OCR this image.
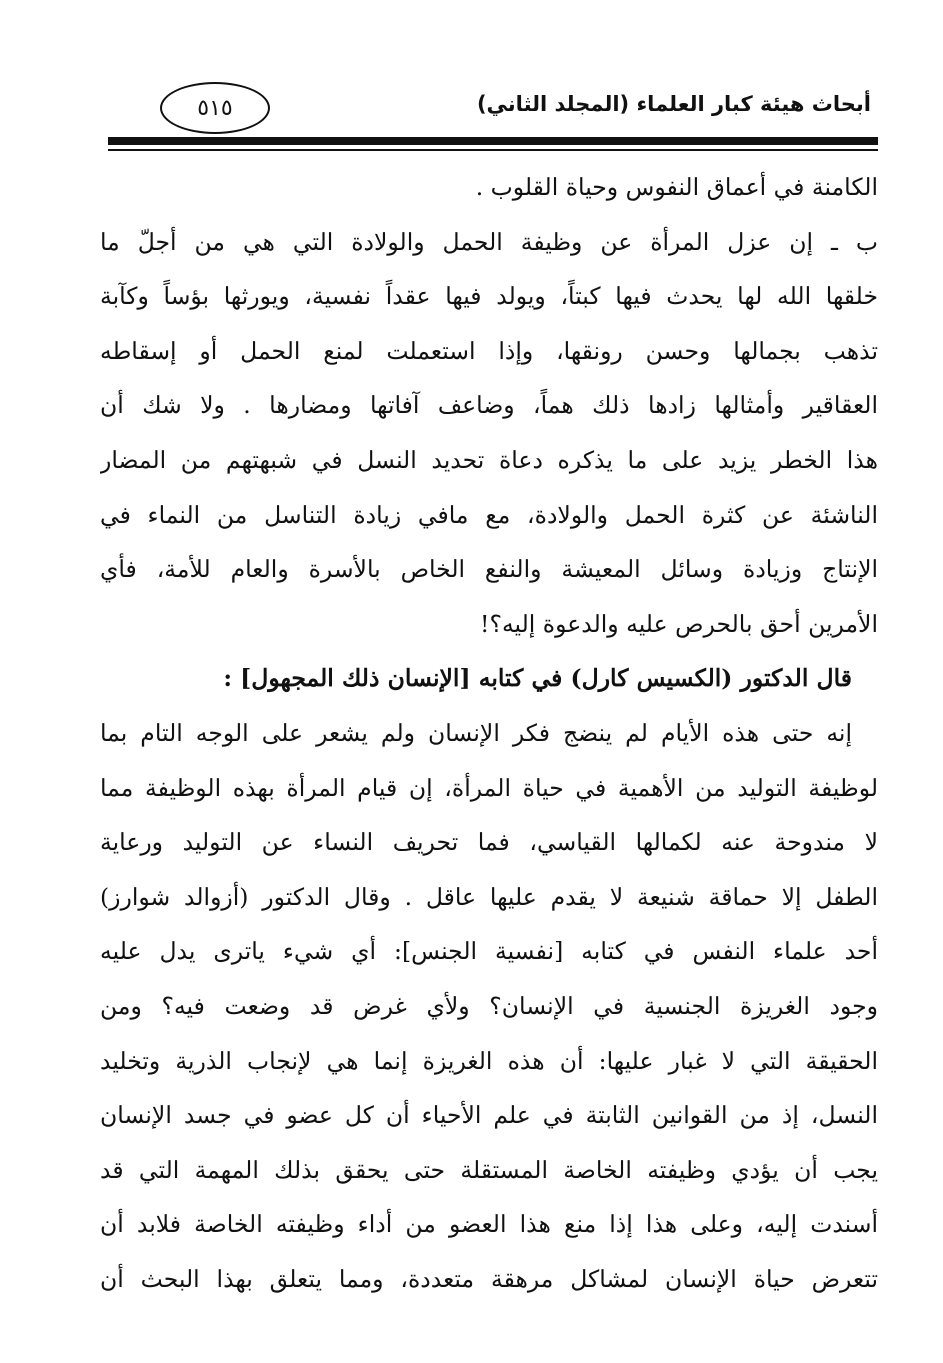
أبحاث هيئة كبار العلماء (المجلد الثاني)
٥١٥
الكامنة في أعماق النفوس وحياة القلوب .
ب ـ إن عزل المرأة عن وظيفة الحمل والولادة التي هي من أجلّ ما
خلقها الله لها يحدث فيها كبتاً، ويولد فيها عقداً نفسية، ويورثها بؤساً وكآبة
تذهب بجمالها وحسن رونقها، وإذا استعملت لمنع الحمل أو إسقاطه
العقاقير وأمثالها زادها ذلك هماً، وضاعف آفاتها ومضارها . ولا شك أن
هذا الخطر يزيد على ما يذكره دعاة تحديد النسل في شبهتهم من المضار
الناشئة عن كثرة الحمل والولادة، مع مافي زيادة التناسل من النماء في
الإنتاج وزيادة وسائل المعيشة والنفع الخاص بالأسرة والعام للأمة، فأي
الأمرين أحق بالحرص عليه والدعوة إليه؟!
قال الدكتور (الكسيس كارل) في كتابه [الإنسان ذلك المجهول] :
إنه حتى هذه الأيام لم ينضج فكر الإنسان ولم يشعر على الوجه التام بما
لوظيفة التوليد من الأهمية في حياة المرأة، إن قيام المرأة بهذه الوظيفة مما
لا مندوحة عنه لكمالها القياسي، فما تحريف النساء عن التوليد ورعاية
الطفل إلا حماقة شنيعة لا يقدم عليها عاقل . وقال الدكتور (أزوالد شوارز)
أحد علماء النفس في كتابه [نفسية الجنس]: أي شيء ياترى يدل عليه
وجود الغريزة الجنسية في الإنسان؟ ولأي غرض قد وضعت فيه؟ ومن
الحقيقة التي لا غبار عليها: أن هذه الغريزة إنما هي لإنجاب الذرية وتخليد
النسل، إذ من القوانين الثابتة في علم الأحياء أن كل عضو في جسد الإنسان
يجب أن يؤدي وظيفته الخاصة المستقلة حتى يحقق بذلك المهمة التي قد
أسندت إليه، وعلى هذا إذا منع هذا العضو من أداء وظيفته الخاصة فلابد أن
تتعرض حياة الإنسان لمشاكل مرهقة متعددة، ومما يتعلق بهذا البحث أن
